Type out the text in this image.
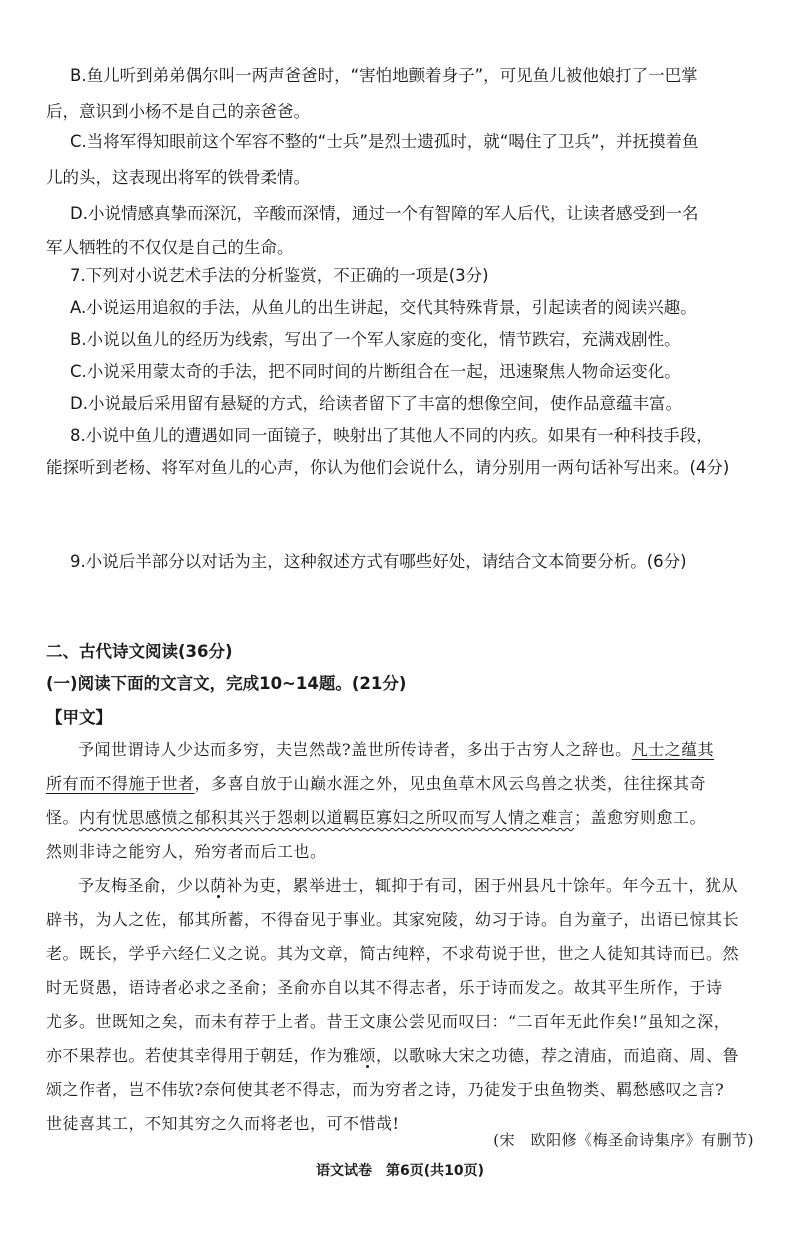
B.鱼儿听到弟弟偶尔叫一两声爸爸时，“害怕地颤着身子”，可见鱼儿被他娘打了一巴掌

后，意识到小杨不是自己的亲爸爸。

C.当将军得知眼前这个军容不整的“士兵”是烈士遗孤时，就“喝住了卫兵”，并抚摸着鱼

儿的头，这表现出将军的铁骨柔情。

D.小说情感真挚而深沉，辛酸而深情，通过一个有智障的军人后代，让读者感受到一名

军人牺牲的不仅仅是自己的生命。

7.下列对小说艺术手法的分析鉴赏，不正确的一项是(3分)

A.小说运用追叙的手法，从鱼儿的出生讲起，交代其特殊背景，引起读者的阅读兴趣。

B.小说以鱼儿的经历为线索，写出了一个军人家庭的变化，情节跌宕，充满戏剧性。

C.小说采用蒙太奇的手法，把不同时间的片断组合在一起，迅速聚焦人物命运变化。

D.小说最后采用留有悬疑的方式，给读者留下了丰富的想像空间，使作品意蕴丰富。

8.小说中鱼儿的遭遇如同一面镜子，映射出了其他人不同的内疚。如果有一种科技手段，

能探听到老杨、将军对鱼儿的心声，你认为他们会说什么，请分别用一两句话补写出来。(4分)

9.小说后半部分以对话为主，这种叙述方式有哪些好处，请结合文本简要分析。(6分)

二、古代诗文阅读(36分)

(一)阅读下面的文言文，完成10~14题。(21分)

【甲文】

予闻世谓诗人少达而多穷，夫岂然哉?盖世所传诗者，多出于古穷人之辞也。凡士之蕴其

所有而不得施于世者，多喜自放于山巅水涯之外，见虫鱼草木风云鸟兽之状类，往往探其奇

怪。内有忧思感愤之郁积其兴于怨刺以道羁臣寡妇之所叹而写人情之难言；盖愈穷则愈工。

然则非诗之能穷人，殆穷者而后工也。

予友梅圣俞，少以荫补为吏，累举进士，辄抑于有司，困于州县凡十馀年。年今五十，犹从

辟书，为人之佐，郁其所蓄，不得奋见于事业。其家宛陵，幼习于诗。自为童子，出语已惊其长

老。既长，学乎六经仁义之说。其为文章，简古纯粹，不求苟说于世，世之人徒知其诗而已。然

时无贤愚，语诗者必求之圣俞；圣俞亦自以其不得志者，乐于诗而发之。故其平生所作，于诗

尤多。世既知之矣，而未有荐于上者。昔王文康公尝见而叹曰：“二百年无此作矣!”虽知之深，

亦不果荐也。若使其幸得用于朝廷，作为雅颂，以歌咏大宋之功德，荐之清庙，而追商、周、鲁

颂之作者，岂不伟欤?奈何使其老不得志，而为穷者之诗，乃徒发于虫鱼物类、羁愁感叹之言?

世徒喜其工，不知其穷之久而将老也，可不惜哉!

(宋　欧阳修《梅圣俞诗集序》有删节)

语文试卷　第6页(共10页)
